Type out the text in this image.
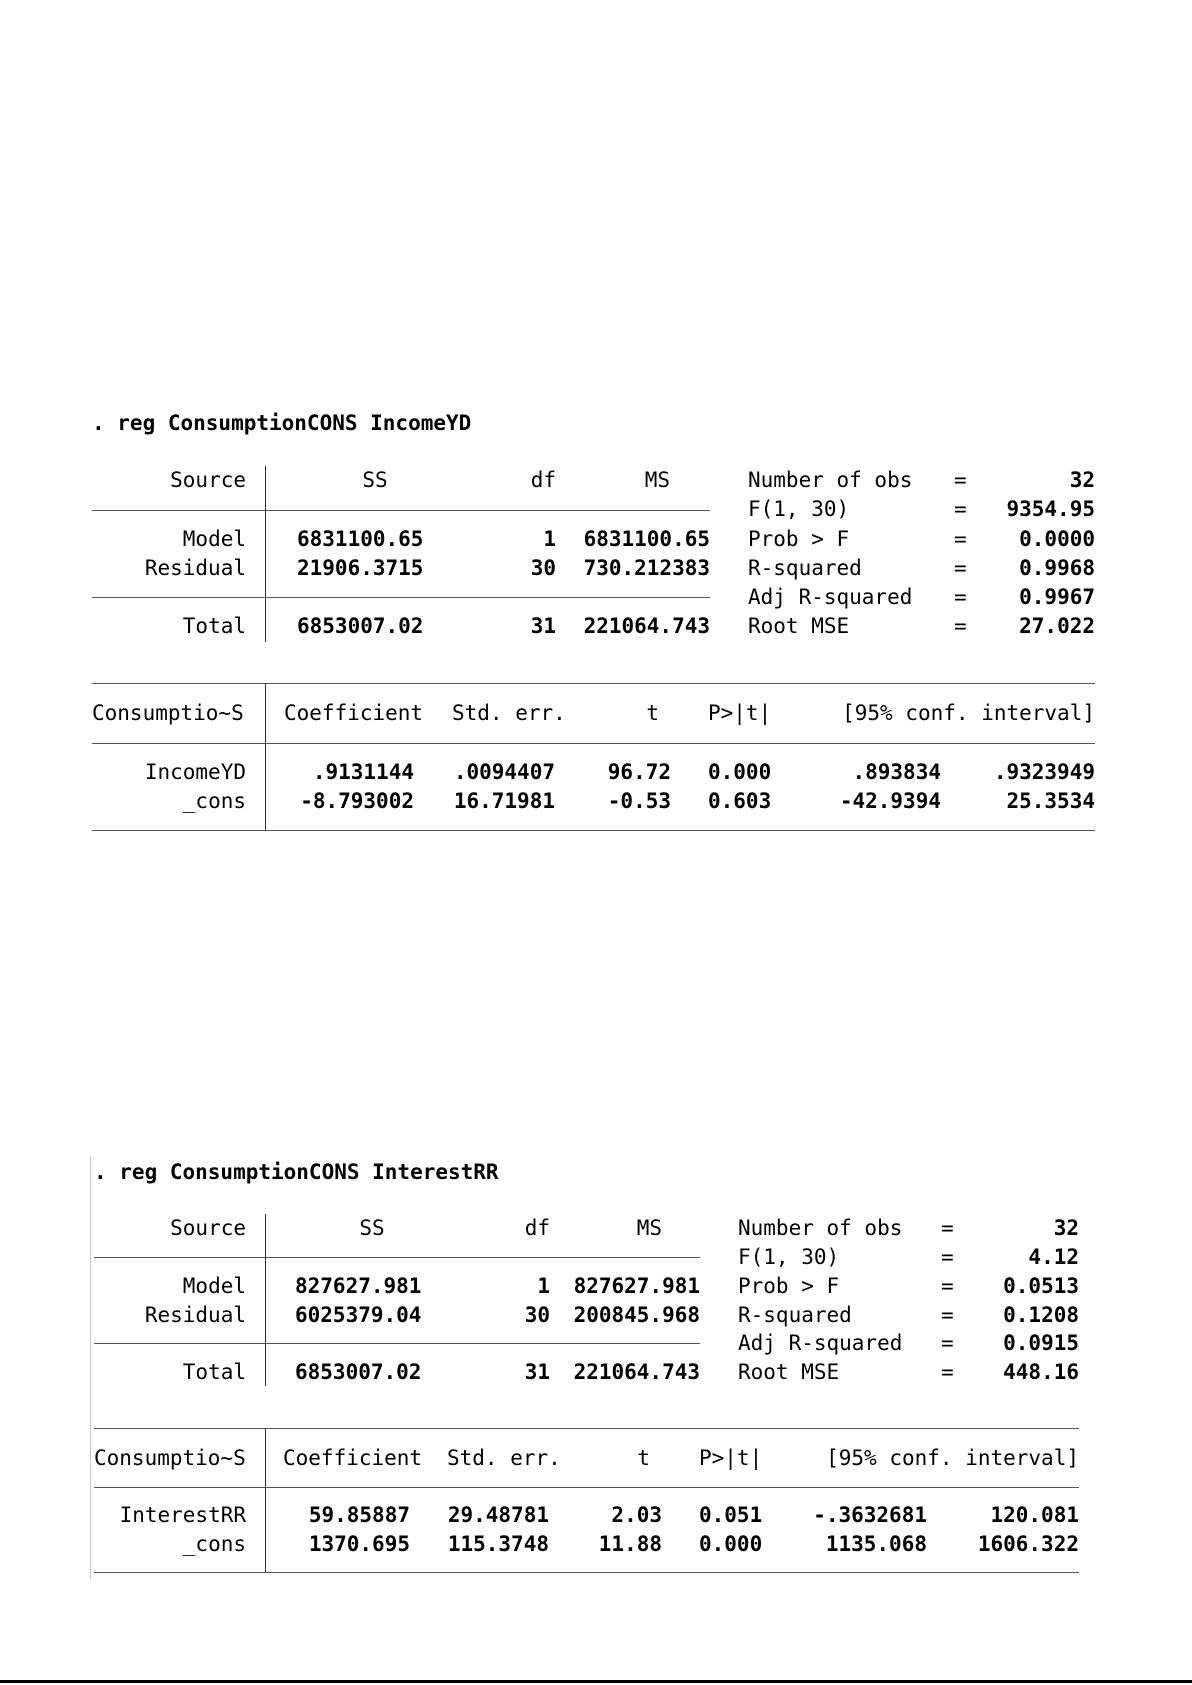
. reg ConsumptionCONS IncomeYD
Source	SS	df	MS
Model 6831100.65	1	6831100.65
Residual 21906.3715	30	730.212383
Total 6853007.02	31	221064.743
Number of obs =	32
F(1, 30)	=	9354.95
Prob > F	=	0.0000
R-squared	=	0.9968
Adj R-squared =	0.9967
Root MSE	=	27.022
Consumptio~S Coefficient Std. err.	t P>|t|	[95% conf. interval]
IncomeYD	.9131144	.0094407	96.72 0.000	.893834	.9323949
_cons	-8.793002	16.71981	-0.53 0.603	-42.9394	25.3534
. reg ConsumptionCONS InterestRR
Source	SS	df	MS
Model 827627.981	1	827627.981
Residual 6025379.04	30	200845.968
Total 6853007.02	31	221064.743
Number of obs =	32
F(1, 30)	=	4.12
Prob > F	=	0.0513
R-squared	=	0.1208
Adj R-squared =	0.0915
Root MSE	=	448.16
Consumptio~S Coefficient Std. err.	t P>|t|	[95% conf. interval]
InterestRR	59.85887	29.48781	2.03 0.051	-.3632681	120.081
_cons	1370.695	115.3748	11.88 0.000	1135.068	1606.322
